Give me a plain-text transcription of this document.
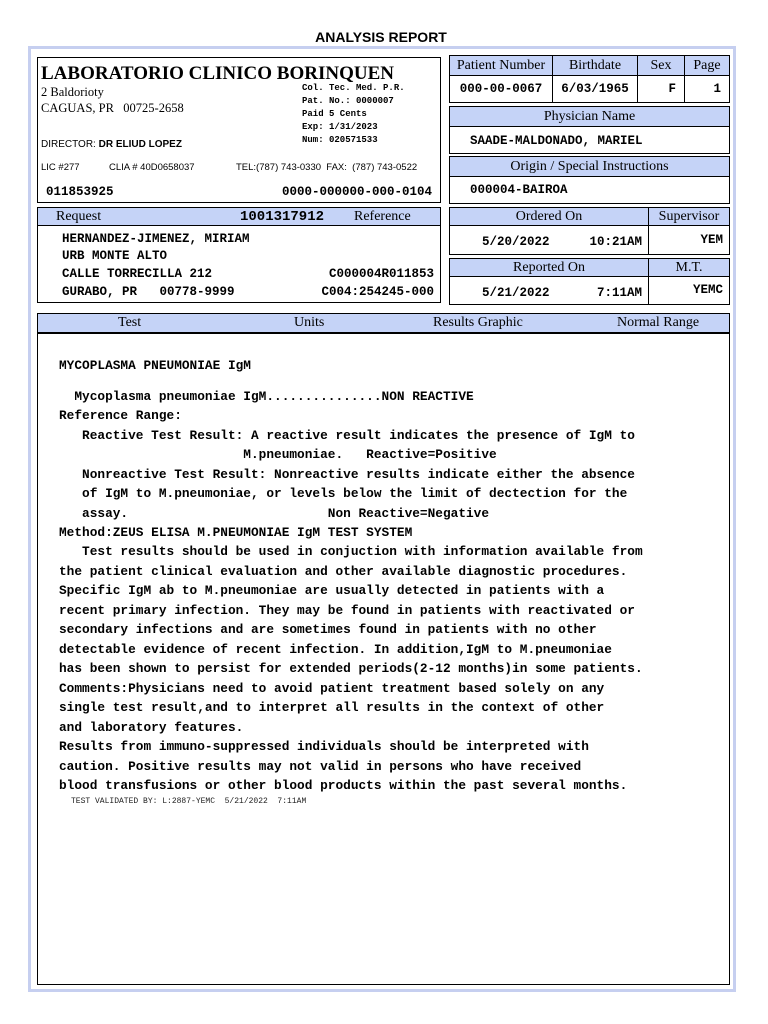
ANALYSIS REPORT
LABORATORIO CLINICO BORINQUEN
2 Baldorioty
CAGUAS, PR   00725-2658
Col. Tec. Med. P.R.
Pat. No.: 0000007
Paid 5 Cents
Exp: 1/31/2023
Num: 020571533
DIRECTOR: DR ELIUD LOPEZ
LIC #277	CLIA # 40D0658037	TEL:(787) 743-0330  FAX:  (787) 743-0522
011853925	0000-000000-000-0104
Patient Number	Birthdate	Sex	Page
000-00-0067	6/03/1965	F	1
Physician Name
SAADE-MALDONADO, MARIEL
Origin / Special Instructions
000004-BAIROA
Request	1001317912 Reference
HERNANDEZ-JIMENEZ, MIRIAM
URB MONTE ALTO
CALLE TORRECILLA 212
GURABO, PR   00778-9999
C000004R011853
C004:254245-000
Ordered On	Supervisor
5/20/2022	10:21AM	YEM
Reported On	M.T.
5/21/2022	7:11AM	YEMC
Test	Units	Results Graphic	Normal Range
MYCOPLASMA PNEUMONIAE IgM
Mycoplasma pneumoniae IgM...............NON REACTIVE
Reference Range:
Reactive Test Result: A reactive result indicates the presence of IgM to
M.pneumoniae.   Reactive=Positive
Nonreactive Test Result: Nonreactive results indicate either the absence
of IgM to M.pneumoniae, or levels below the limit of dectection for the
assay.                          Non Reactive=Negative
Method:ZEUS ELISA M.PNEUMONIAE IgM TEST SYSTEM
Test results should be used in conjuction with information available from
the patient clinical evaluation and other available diagnostic procedures.
Specific IgM ab to M.pneumoniae are usually detected in patients with a
recent primary infection. They may be found in patients with reactivated or
secondary infections and are sometimes found in patients with no other
detectable evidence of recent infection. In addition,IgM to M.pneumoniae
has been shown to persist for extended periods(2-12 months)in some patients.
Comments:Physicians need to avoid patient treatment based solely on any
single test result,and to interpret all results in the context of other
and laboratory features.
Results from immuno-suppressed individuals should be interpreted with
caution. Positive results may not valid in persons who have received
blood transfusions or other blood products within the past several months.
TEST VALIDATED BY: L:2887-YEMC  5/21/2022  7:11AM
